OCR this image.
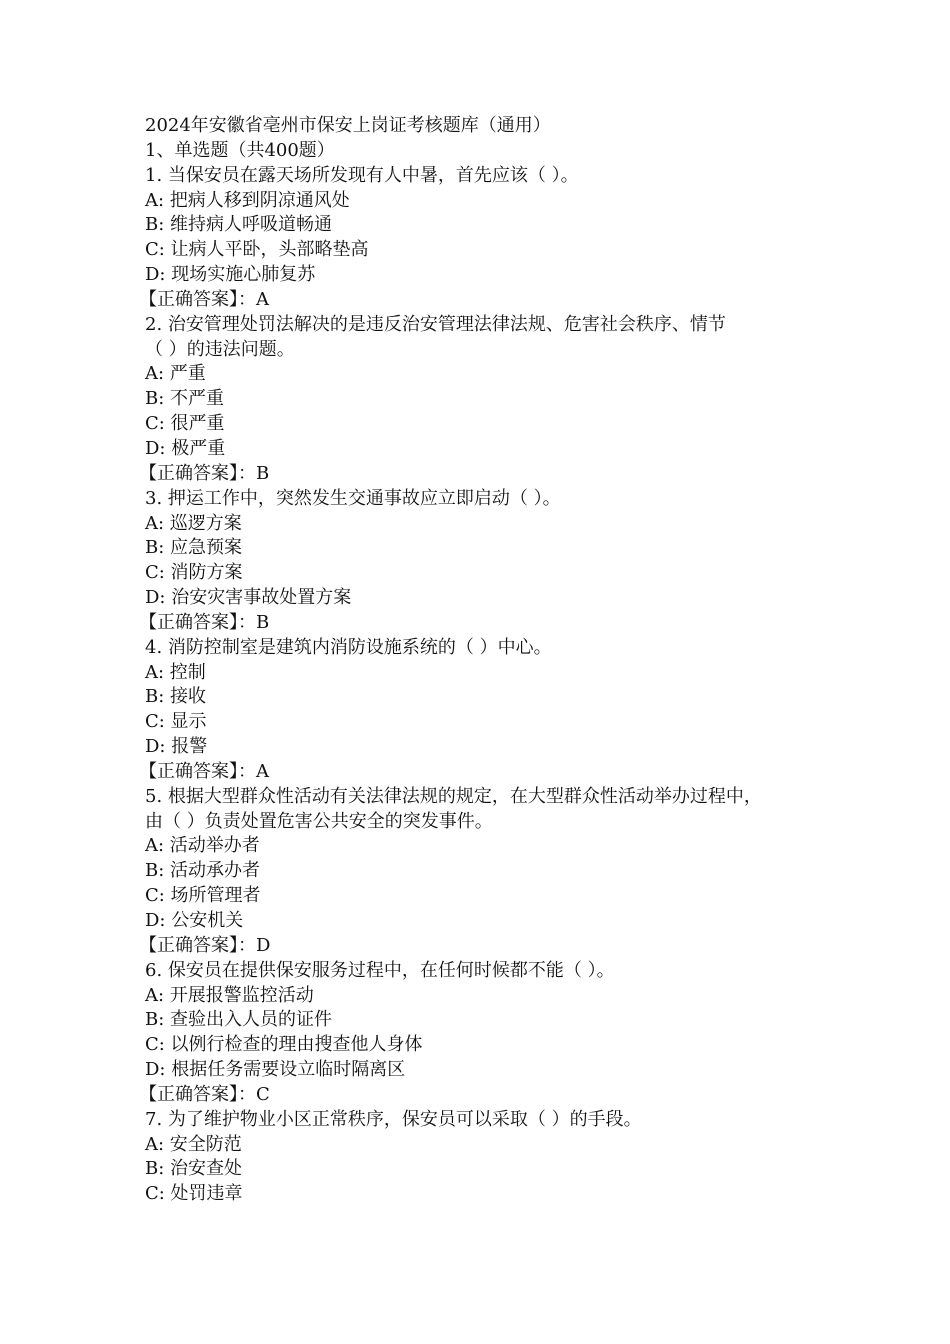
2024年安徽省亳州市保安上岗证考核题库（通用）
1、单选题（共400题）
1. 当保安员在露天场所发现有人中暑，首先应该（ ）。
A: 把病人移到阴凉通风处
B: 维持病人呼吸道畅通
C: 让病人平卧，头部略垫高
D: 现场实施心肺复苏
【正确答案】：A
2. 治安管理处罚法解决的是违反治安管理法律法规、危害社会秩序、情节
（ ）的违法问题。
A: 严重
B: 不严重
C: 很严重
D: 极严重
【正确答案】：B
3. 押运工作中，突然发生交通事故应立即启动（ ）。
A: 巡逻方案
B: 应急预案
C: 消防方案
D: 治安灾害事故处置方案
【正确答案】：B
4. 消防控制室是建筑内消防设施系统的（ ）中心。
A: 控制
B: 接收
C: 显示
D: 报警
【正确答案】：A
5. 根据大型群众性活动有关法律法规的规定，在大型群众性活动举办过程中，
由（ ）负责处置危害公共安全的突发事件。
A: 活动举办者
B: 活动承办者
C: 场所管理者
D: 公安机关
【正确答案】：D
6. 保安员在提供保安服务过程中，在任何时候都不能（ ）。
A: 开展报警监控活动
B: 查验出入人员的证件
C: 以例行检查的理由搜查他人身体
D: 根据任务需要设立临时隔离区
【正确答案】：C
7. 为了维护物业小区正常秩序，保安员可以采取（ ）的手段。
A: 安全防范
B: 治安查处
C: 处罚违章
